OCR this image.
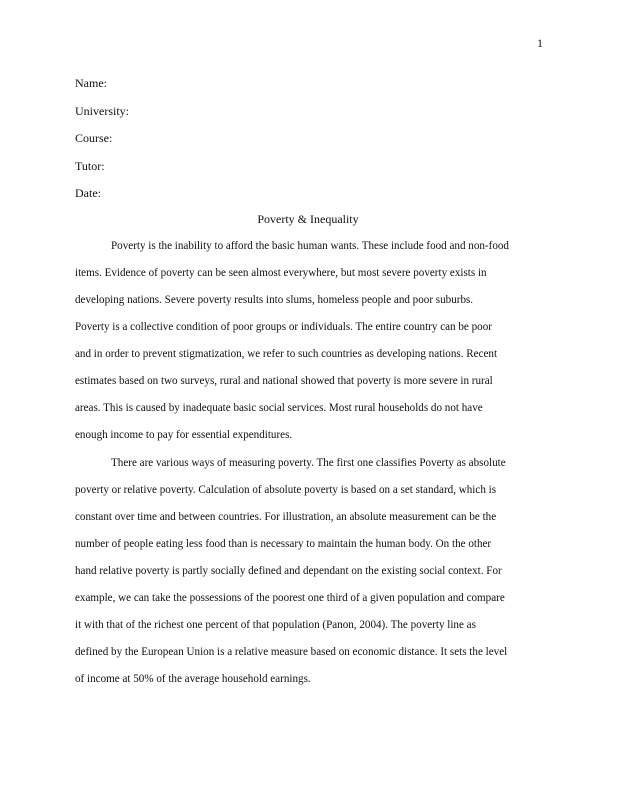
1
Name:
University:
Course:
Tutor:
Date:
Poverty & Inequality
Poverty is the inability to afford the basic human wants. These include food and non-food
items. Evidence of poverty can be seen almost everywhere, but most severe poverty exists in
developing nations. Severe poverty results into slums, homeless people and poor suburbs.
Poverty is a collective condition of poor groups or individuals. The entire country can be poor
and in order to prevent stigmatization, we refer to such countries as developing nations. Recent
estimates based on two surveys, rural and national showed that poverty is more severe in rural
areas. This is caused by inadequate basic social services. Most rural households do not have
enough income to pay for essential expenditures.
There are various ways of measuring poverty. The first one classifies Poverty as absolute
poverty or relative poverty. Calculation of absolute poverty is based on a set standard, which is
constant over time and between countries. For illustration, an absolute measurement can be the
number of people eating less food than is necessary to maintain the human body. On the other
hand relative poverty is partly socially defined and dependant on the existing social context. For
example, we can take the possessions of the poorest one third of a given population and compare
it with that of the richest one percent of that population (Panon, 2004). The poverty line as
defined by the European Union is a relative measure based on economic distance. It sets the level
of income at 50% of the average household earnings.
